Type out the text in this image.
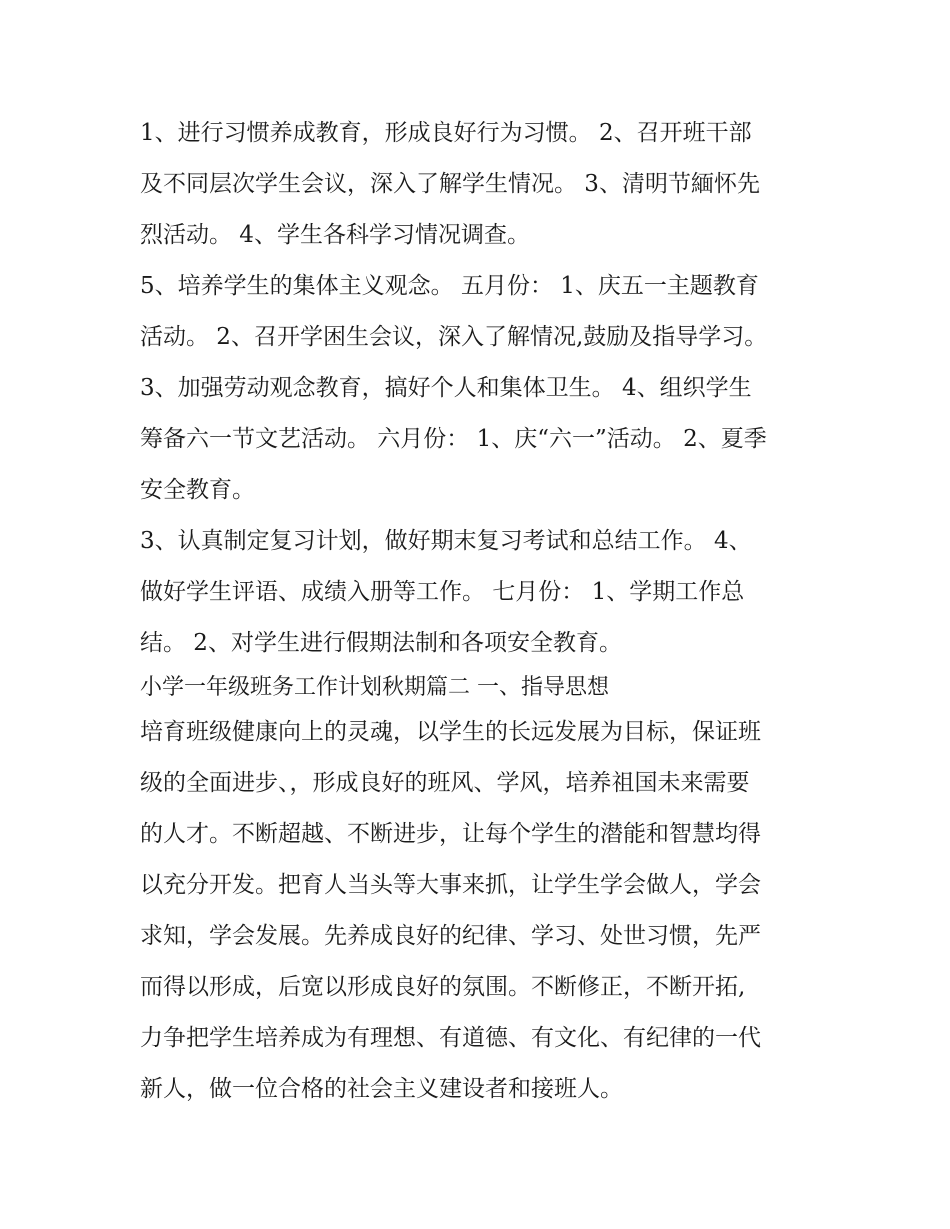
1、进行习惯养成教育，形成良好行为习惯。 2、召开班干部
及不同层次学生会议，深入了解学生情况。 3、清明节緬怀先
烈活动。 4、学生各科学习情况调查。
5、培养学生的集体主义观念。 五月份： 1、庆五一主题教育
活动。 2、召开学困生会议，深入了解情况,鼓励及指导学习。
3、加强劳动观念教育，搞好个人和集体卫生。 4、组织学生
筹备六一节文艺活动。 六月份： 1、庆“六一”活动。 2、夏季
安全教育。
3、认真制定复习计划，做好期末复习考试和总结工作。 4、
做好学生评语、成绩入册等工作。 七月份： 1、学期工作总
结。 2、对学生进行假期法制和各项安全教育。
小学一年级班务工作计划秋期篇二 一、指导思想
培育班级健康向上的灵魂，以学生的长远发展为目标，保证班
级的全面进步、，形成良好的班风、学风，培养祖国未来需要
的人才。不断超越、不断进步，让每个学生的潜能和智慧均得
以充分开发。把育人当头等大事来抓，让学生学会做人，学会
求知，学会发展。先养成良好的纪律、学习、处世习惯，先严
而得以形成，后宽以形成良好的氛围。不断修正，不断开拓,
力争把学生培养成为有理想、有道德、有文化、有纪律的一代
新人，做一位合格的社会主义建设者和接班人。
